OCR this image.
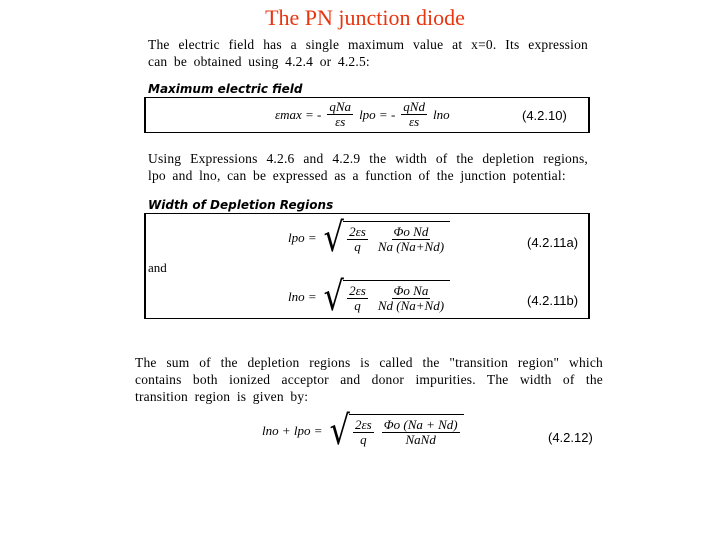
The PN junction diode
The electric field has a single maximum value at x=0. Its expression can be obtained using 4.2.4 or 4.2.5:
Maximum electric field
εmax = - $\frac{\text{qNa}}{\varepsilon s}$ lpo = - $\frac{\text{qNd}}{\varepsilon s}$ lno	(4.2.10)
Using Expressions 4.2.6 and 4.2.9 the width of the depletion regions, lpo and lno, can be expressed as a function of the junction potential:
Width of Depletion Regions
lpo = √ $\frac{2\varepsilon s}{q} \frac{\text{Φo Nd}}{Na (Na+Nd)}$	(4.2.11a)
and
lno = √ $\frac{2\varepsilon s}{q} \frac{\text{Φo Na}}{Nd (Na+Nd)}$	(4.2.11b)
The sum of the depletion regions is called the "transition region" which contains both ionized acceptor and donor impurities. The width of the transition region is given by:
lno + lpo = √ $\frac{2\varepsilon s}{q} \frac{\Phi o (Na + Nd)}{\text{NaNd}}$	(4.2.12)
